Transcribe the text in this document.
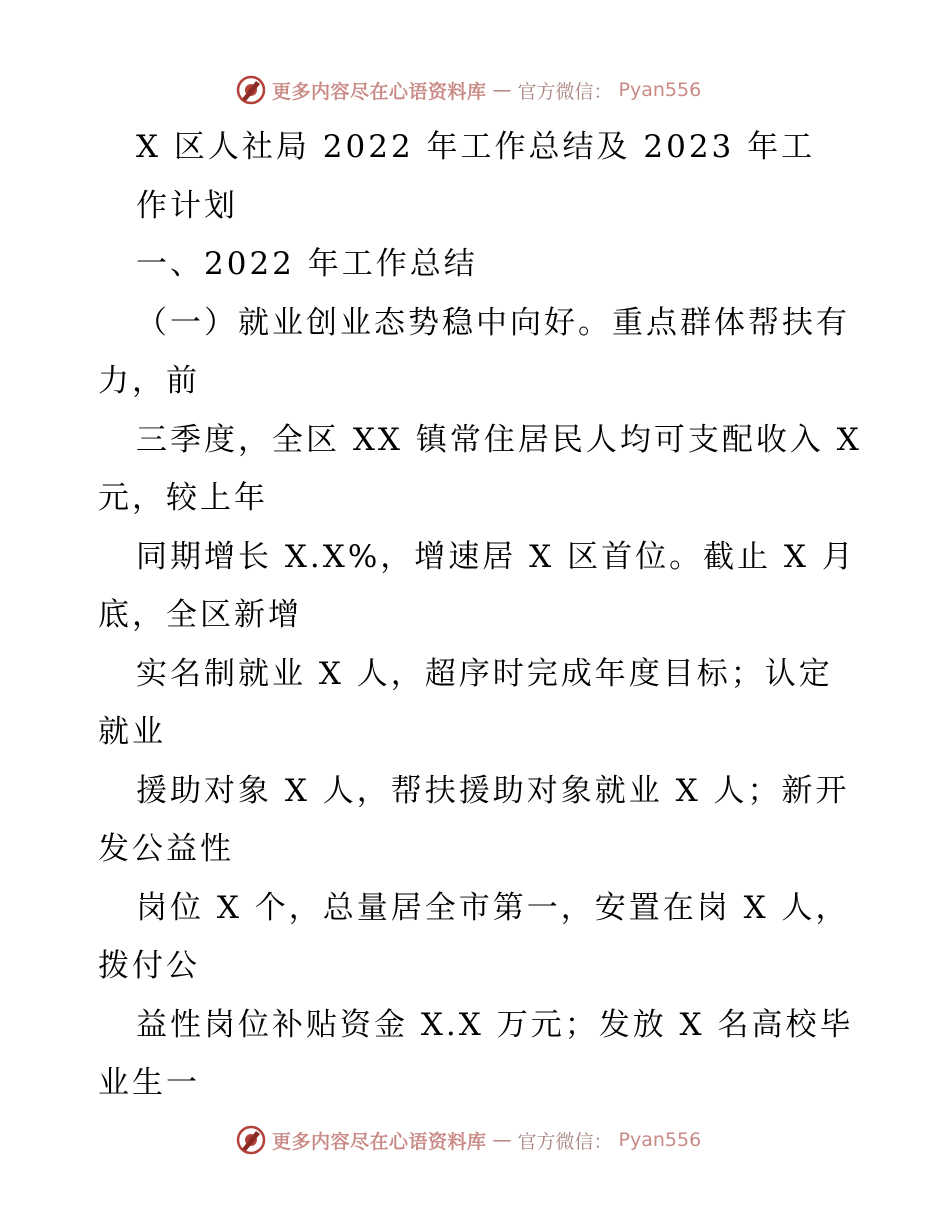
更多内容尽在心语资料库 — 官方微信： Pyan556
X 区人社局 2022 年工作总结及 2023 年工
作计划
一、2022 年工作总结
（一）就业创业态势稳中向好。重点群体帮扶有
力，前
三季度，全区 XX 镇常住居民人均可支配收入 X
元，较上年
同期增长 X.X%，增速居 X 区首位。截止 X 月
底，全区新增
实名制就业 X 人，超序时完成年度目标；认定
就业
援助对象 X 人，帮扶援助对象就业 X 人；新开
发公益性
岗位 X 个，总量居全市第一，安置在岗 X 人，
拨付公
益性岗位补贴资金 X.X 万元；发放 X 名高校毕
业生一
更多内容尽在心语资料库 — 官方微信： Pyan556
